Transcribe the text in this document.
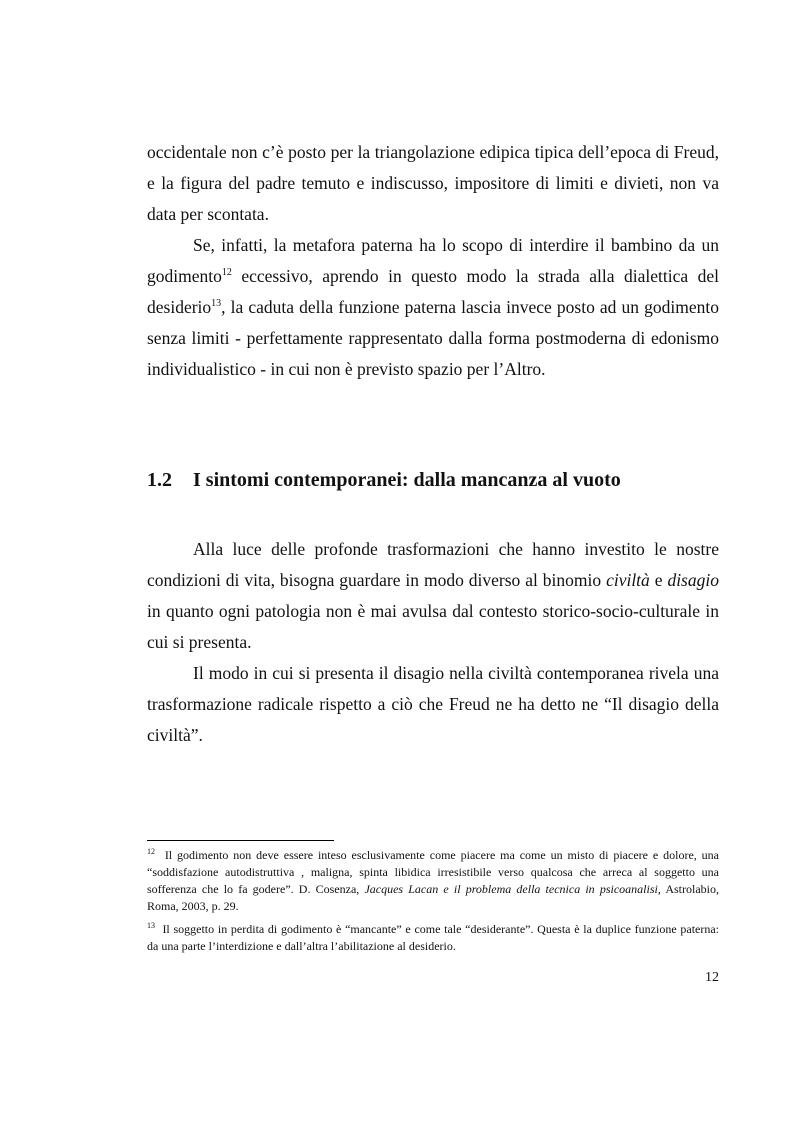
occidentale non c’è posto per la triangolazione edipica tipica dell’epoca di Freud, e la figura del padre temuto e indiscusso, impositore di limiti e divieti, non va data per scontata.

Se, infatti, la metafora paterna ha lo scopo di interdire il bambino da un godimento$^{12}$ eccessivo, aprendo in questo modo la strada alla dialettica del desiderio$^{13}$, la caduta della funzione paterna lascia invece posto ad un godimento senza limiti - perfettamente rappresentato dalla forma postmoderna di edonismo individualistico - in cui non è previsto spazio per l’Altro.

1.2 I sintomi contemporanei: dalla mancanza al vuoto

Alla luce delle profonde trasformazioni che hanno investito le nostre condizioni di vita, bisogna guardare in modo diverso al binomio civiltà e disagio in quanto ogni patologia non è mai avulsa dal contesto storico-socio-culturale in cui si presenta.

Il modo in cui si presenta il disagio nella civiltà contemporanea rivela una trasformazione radicale rispetto a ciò che Freud ne ha detto ne “Il disagio della civiltà”.

$^{12}$ Il godimento non deve essere inteso esclusivamente come piacere ma come un misto di piacere e dolore, una “soddisfazione autodistruttiva , maligna, spinta libidica irresistibile verso qualcosa che arreca al soggetto una sofferenza che lo fa godere”. D. Cosenza, Jacques Lacan e il problema della tecnica in psicoanalisi, Astrolabio, Roma, 2003, p. 29.
$^{13}$ Il soggetto in perdita di godimento è “mancante” e come tale “desiderante”. Questa è la duplice funzione paterna: da una parte l’interdizione e dall’altra l’abilitazione al desiderio.
12
